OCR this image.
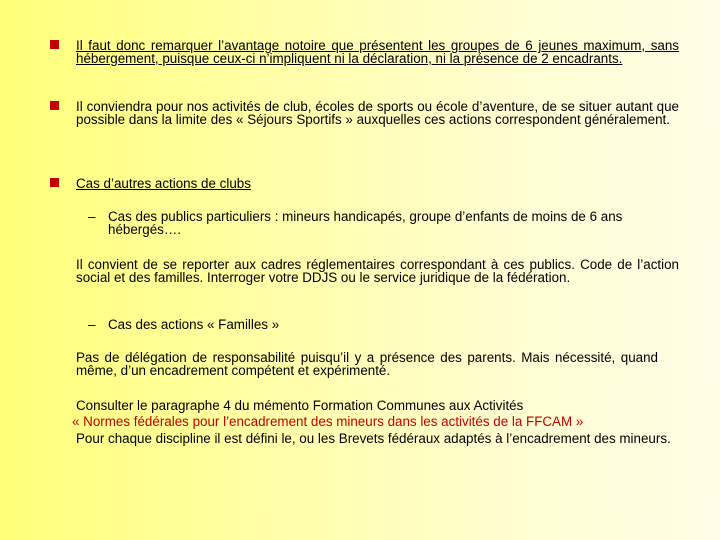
Il faut donc remarquer l’avantage notoire que présentent les groupes de 6 jeunes maximum, sans hébergement, puisque ceux-ci n’impliquent ni la déclaration, ni la présence de 2 encadrants.
Il conviendra pour nos activités de club, écoles de sports ou école d’aventure, de se situer autant que possible dans la limite des « Séjours Sportifs » auxquelles ces actions correspondent généralement.
Cas d’autres actions de clubs
– Cas des publics particuliers : mineurs handicapés, groupe d’enfants de moins de 6 ans hébergés….
Il convient de se reporter aux cadres réglementaires correspondant à ces publics. Code de l’action social et des familles. Interroger votre DDJS ou le service juridique de la fédération.
– Cas des actions « Familles »
Pas de délégation de responsabilité puisqu’il y a présence des parents. Mais nécessité, quand même, d’un encadrement compétent et expérimenté.
Consulter le paragraphe 4 du mémento Formation Communes aux Activités
« Normes fédérales pour l’encadrement des mineurs dans les activités de la FFCAM »
Pour chaque discipline il est défini le, ou les Brevets fédéraux adaptés à l’encadrement des mineurs.
